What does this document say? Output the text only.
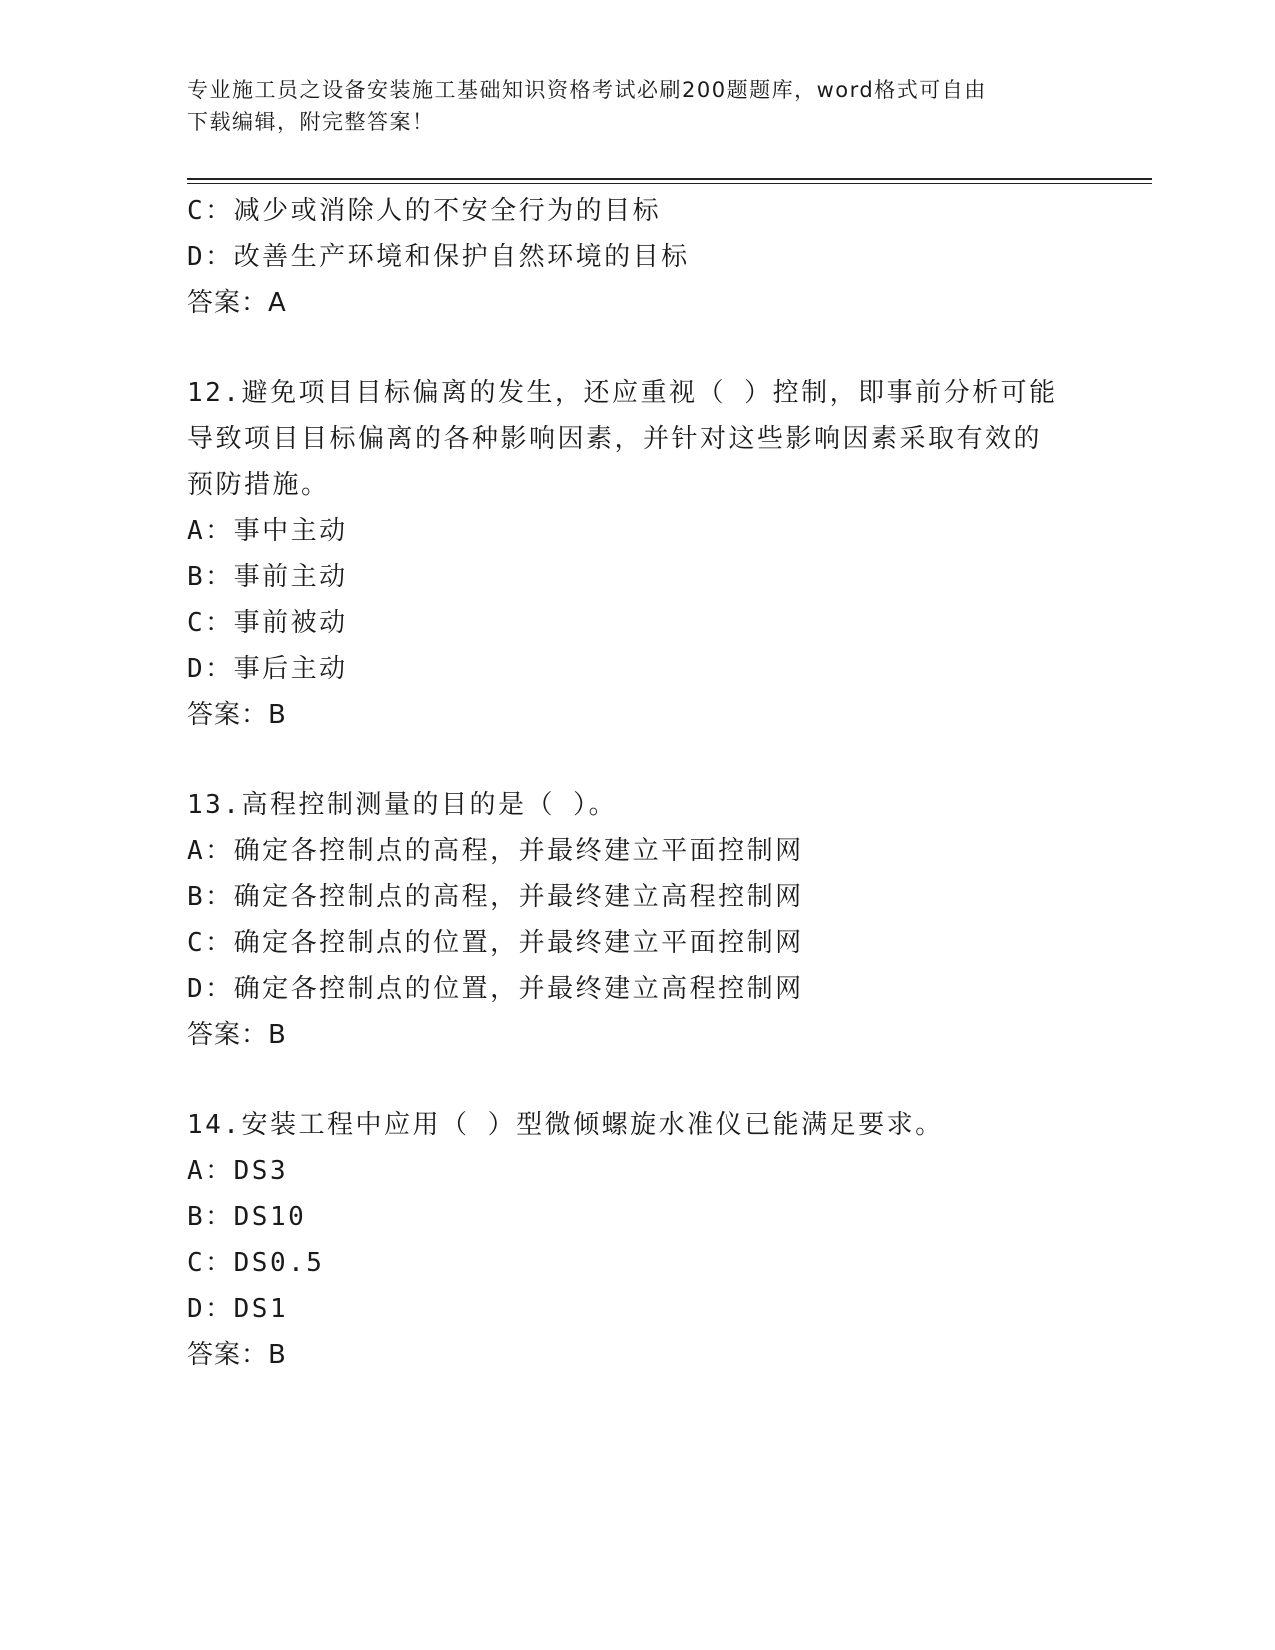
专业施工员之设备安装施工基础知识资格考试必刷200题题库，word格式可自由
下载编辑，附完整答案！
C：减少或消除人的不安全行为的目标
D：改善生产环境和保护自然环境的目标
答案：A
12.避免项目目标偏离的发生，还应重视（ ）控制，即事前分析可能
导致项目目标偏离的各种影响因素，并针对这些影响因素采取有效的
预防措施。
A：事中主动
B：事前主动
C：事前被动
D：事后主动
答案：B
13.高程控制测量的目的是（ ）。
A：确定各控制点的高程，并最终建立平面控制网
B：确定各控制点的高程，并最终建立高程控制网
C：确定各控制点的位置，并最终建立平面控制网
D：确定各控制点的位置，并最终建立高程控制网
答案：B
14.安装工程中应用（ ）型微倾螺旋水准仪已能满足要求。
A：DS3
B：DS10
C：DS0.5
D：DS1
答案：B
